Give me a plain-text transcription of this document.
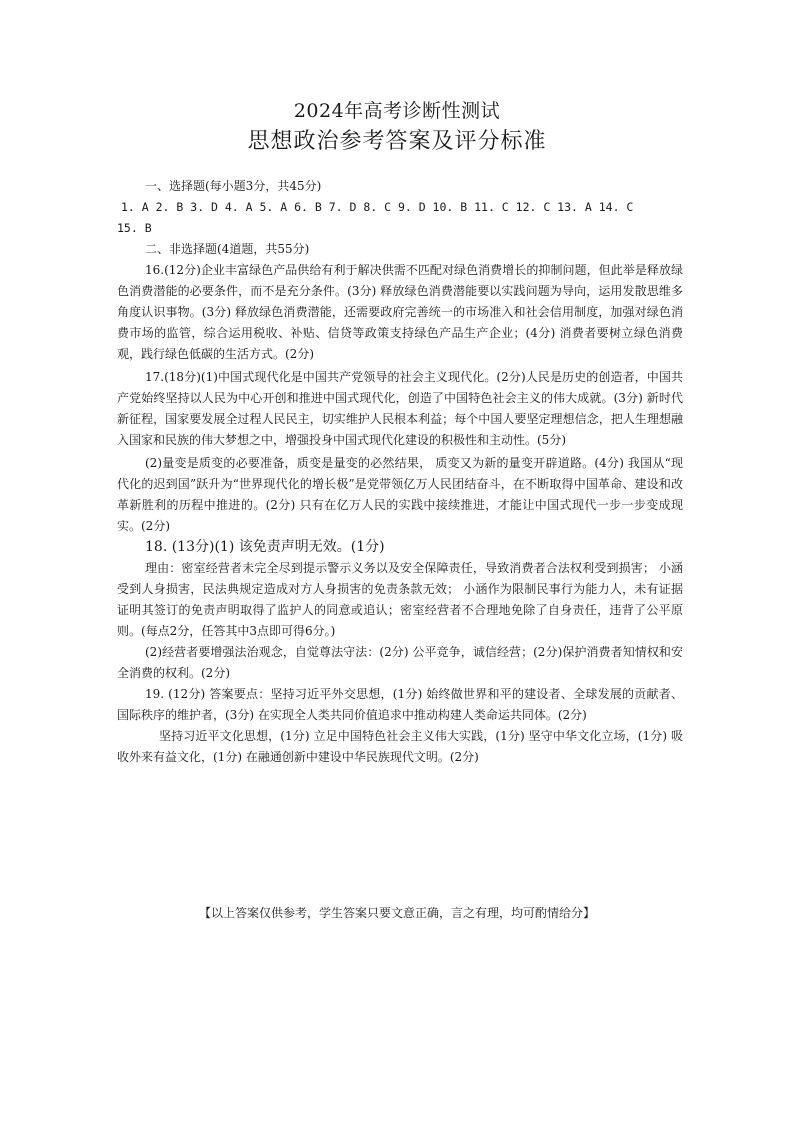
2024年高考诊断性测试
思想政治参考答案及评分标准

一、选择题(每小题3分，共45分)

1. A 2. B 3. D 4. A 5. A 6. B 7. D 8. C 9. D 10. B 11. C 12. C 13. A 14. C

15. B

二、非选择题(4道题，共55分)

16.(12分)企业丰富绿色产品供给有利于解决供需不匹配对绿色消费增长的抑制问题，但此举是释放绿色消费潜能的必要条件，而不是充分条件。(3分) 释放绿色消费潜能要以实践问题为导向，运用发散思维多角度认识事物。(3分) 释放绿色消费潜能，还需要政府完善统一的市场准入和社会信用制度，加强对绿色消费市场的监管，综合运用税收、补贴、信贷等政策支持绿色产品生产企业；(4分) 消费者要树立绿色消费观，践行绿色低碳的生活方式。(2分)

17.(18分)(1)中国式现代化是中国共产党领导的社会主义现代化。(2分)人民是历史的创造者，中国共产党始终坚持以人民为中心开创和推进中国式现代化，创造了中国特色社会主义的伟大成就。(3分) 新时代新征程，国家要发展全过程人民民主，切实维护人民根本利益；每个中国人要坚定理想信念，把人生理想融入国家和民族的伟大梦想之中，增强投身中国式现代化建设的积极性和主动性。(5分)

(2)量变是质变的必要准备，质变是量变的必然结果， 质变又为新的量变开辟道路。(4分) 我国从“现代化的迟到国”跃升为“世界现代化的增长极”是党带领亿万人民团结奋斗，在不断取得中国革命、建设和改革新胜利的历程中推进的。(2分) 只有在亿万人民的实践中接续推进，才能让中国式现代一步一步变成现实。(2分)

18. (13分)(1) 该免责声明无效。(1分)

理由：密室经营者未完全尽到提示警示义务以及安全保障责任，导致消费者合法权利受到损害； 小涵受到人身损害，民法典规定造成对方人身损害的免责条款无效； 小涵作为限制民事行为能力人，未有证据证明其签订的免责声明取得了监护人的同意或追认；密室经营者不合理地免除了自身责任，违背了公平原则。(每点2分，任答其中3点即可得6分。)

(2)经营者要增强法治观念，自觉尊法守法：(2分) 公平竞争，诚信经营；(2分)保护消费者知情权和安全消费的权利。(2分)

19. (12分) 答案要点：坚持习近平外交思想，(1分) 始终做世界和平的建设者、全球发展的贡献者、国际秩序的维护者，(3分) 在实现全人类共同价值追求中推动构建人类命运共同体。(2分)

坚持习近平文化思想，(1分) 立足中国特色社会主义伟大实践，(1分) 坚守中华文化立场，(1分) 吸收外来有益文化，(1分) 在融通创新中建设中华民族现代文明。(2分)

【以上答案仅供参考，学生答案只要文意正确，言之有理，均可酌情给分】
